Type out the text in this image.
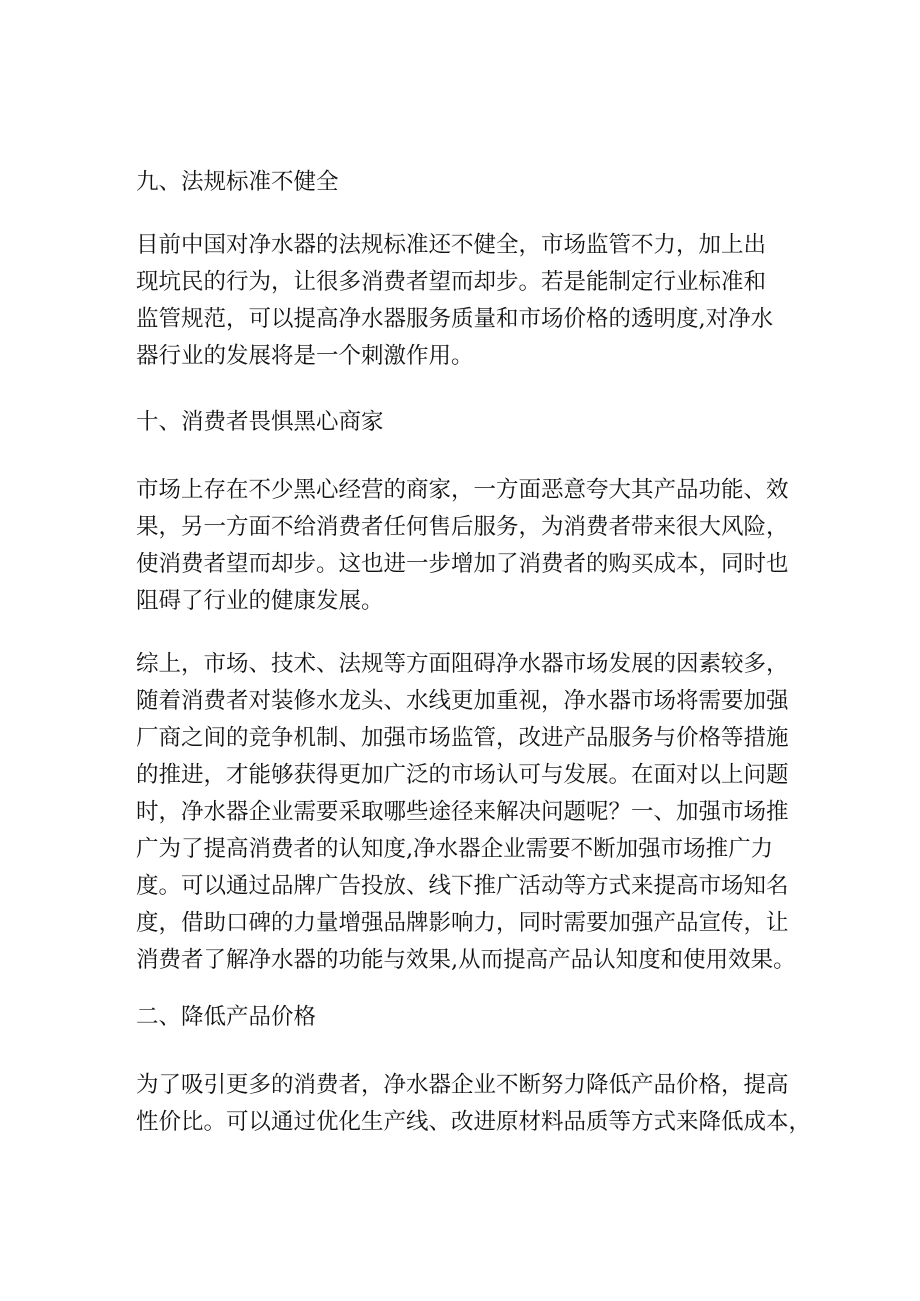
九、法规标准不健全
目前中国对净水器的法规标准还不健全，市场监管不力，加上出
现坑民的行为，让很多消费者望而却步。若是能制定行业标准和
监管规范，可以提高净水器服务质量和市场价格的透明度,对净水
器行业的发展将是一个刺激作用。
十、消费者畏惧黑心商家
市场上存在不少黑心经营的商家，一方面恶意夸大其产品功能、效
果，另一方面不给消费者任何售后服务，为消费者带来很大风险，
使消费者望而却步。这也进一步增加了消费者的购买成本，同时也
阻碍了行业的健康发展。
综上，市场、技术、法规等方面阻碍净水器市场发展的因素较多，
随着消费者对装修水龙头、水线更加重视，净水器市场将需要加强
厂商之间的竞争机制、加强市场监管，改进产品服务与价格等措施
的推进，才能够获得更加广泛的市场认可与发展。在面对以上问题
时，净水器企业需要采取哪些途径来解决问题呢？一、加强市场推
广为了提高消费者的认知度,净水器企业需要不断加强市场推广力
度。可以通过品牌广告投放、线下推广活动等方式来提高市场知名
度，借助口碑的力量增强品牌影响力，同时需要加强产品宣传，让
消费者了解净水器的功能与效果,从而提高产品认知度和使用效果。
二、降低产品价格
为了吸引更多的消费者，净水器企业不断努力降低产品价格，提高
性价比。可以通过优化生产线、改进原材料品质等方式来降低成本，
